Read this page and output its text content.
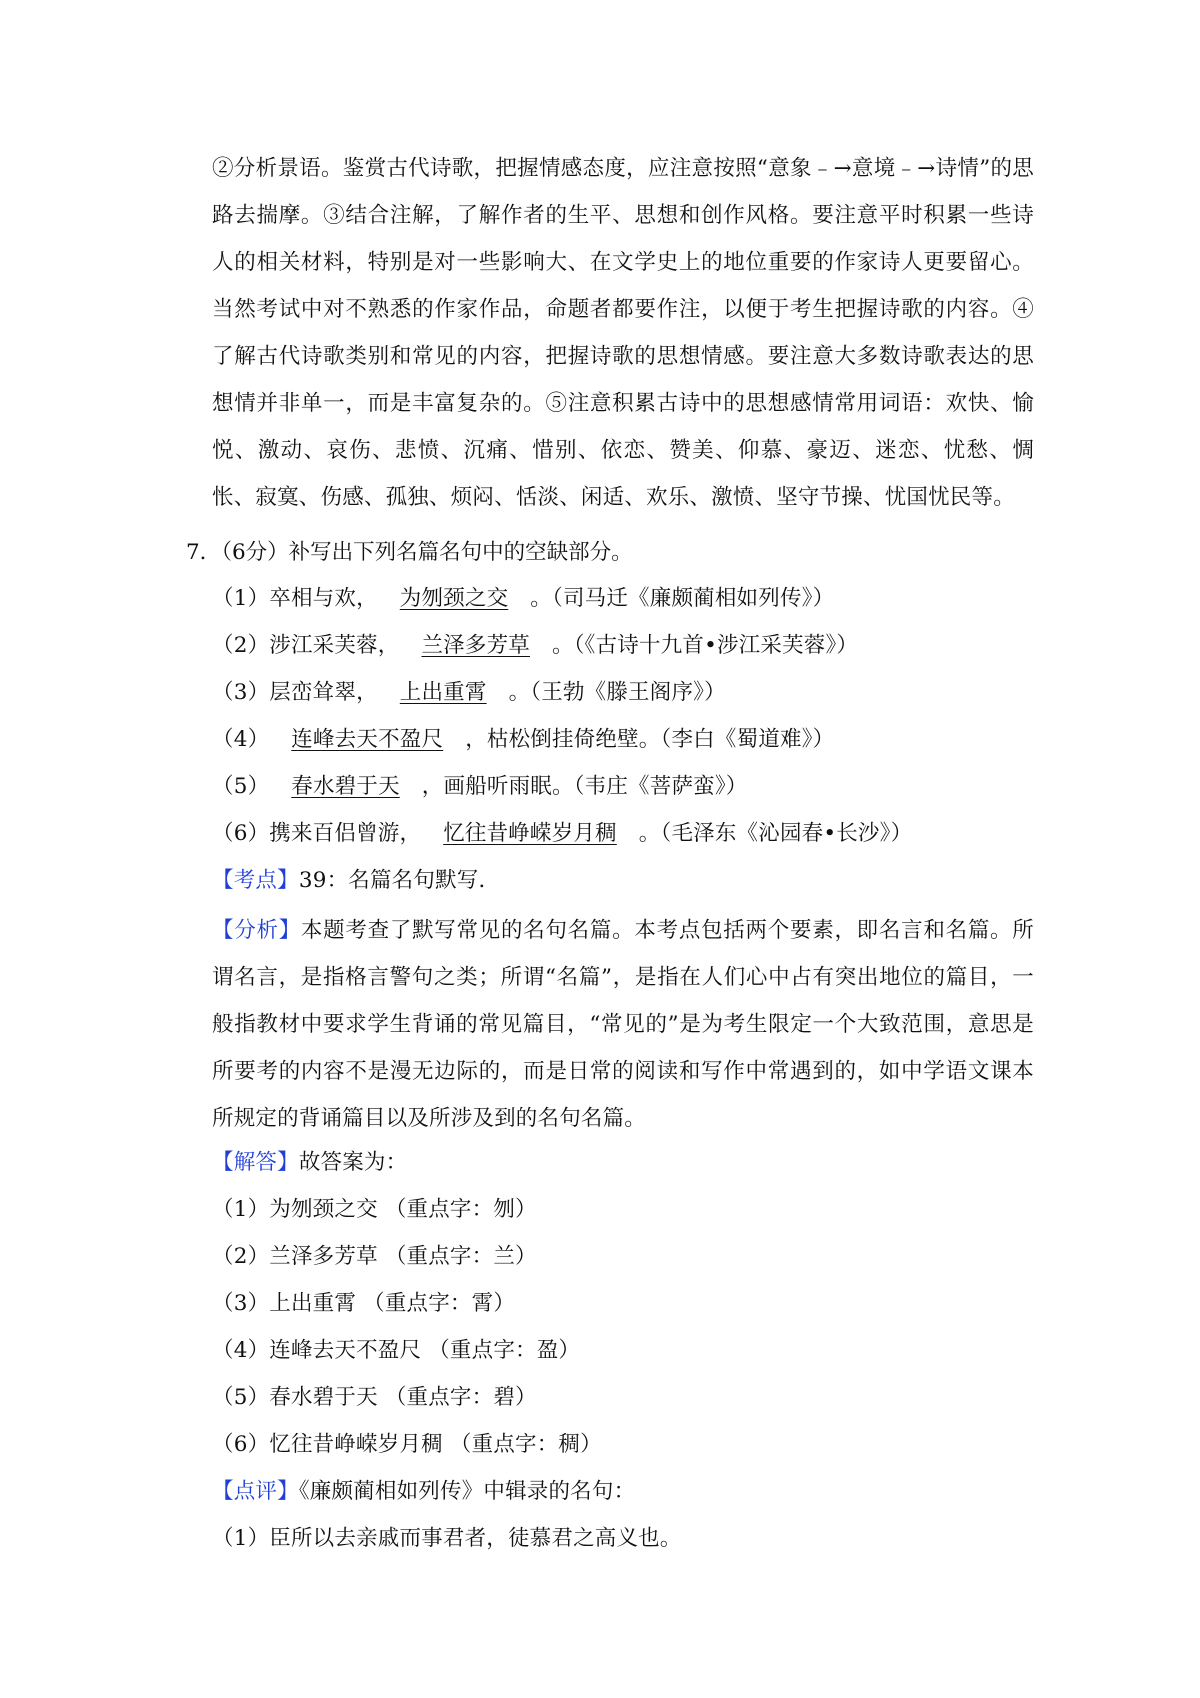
②分析景语。鉴赏古代诗歌，把握情感态度，应注意按照“意象﹣→意境﹣→诗情”的思路去揣摩。③结合注解，了解作者的生平、思想和创作风格。要注意平时积累一些诗人的相关材料，特别是对一些影响大、在文学史上的地位重要的作家诗人更要留心。当然考试中对不熟悉的作家作品，命题者都要作注，以便于考生把握诗歌的内容。④了解古代诗歌类别和常见的内容，把握诗歌的思想情感。要注意大多数诗歌表达的思想情并非单一，而是丰富复杂的。⑤注意积累古诗中的思想感情常用词语：欢快、愉悦、激动、哀伤、悲愤、沉痛、惜别、依恋、赞美、仰慕、豪迈、迷恋、忧愁、惆怅、寂寞、伤感、孤独、烦闷、恬淡、闲适、欢乐、激愤、坚守节操、忧国忧民等。

7．（6分）补写出下列名篇名句中的空缺部分。
（1）卒相与欢， 为刎颈之交 。（司马迁《廉颇蔺相如列传》）
（2）涉江采芙蓉， 兰泽多芳草 。（《古诗十九首•涉江采芙蓉》）
（3）层峦耸翠， 上出重霄 。（王勃《滕王阁序》）
（4） 连峰去天不盈尺 ，枯松倒挂倚绝壁。（李白《蜀道难》）
（5） 春水碧于天 ，画船听雨眠。（韦庄《菩萨蛮》）
（6）携来百侣曾游， 忆往昔峥嵘岁月稠 。（毛泽东《沁园春•长沙》）
【考点】39：名篇名句默写．

【分析】本题考查了默写常见的名句名篇。本考点包括两个要素，即名言和名篇。所谓名言，是指格言警句之类；所谓“名篇”，是指在人们心中占有突出地位的篇目，一般指教材中要求学生背诵的常见篇目，“常见的”是为考生限定一个大致范围，意思是所要考的内容不是漫无边际的，而是日常的阅读和写作中常遇到的，如中学语文课本所规定的背诵篇目以及所涉及到的名句名篇。

【解答】故答案为：
（1）为刎颈之交 （重点字：刎）
（2）兰泽多芳草 （重点字：兰）
（3）上出重霄 （重点字：霄）
（4）连峰去天不盈尺 （重点字：盈）
（5）春水碧于天 （重点字：碧）
（6）忆往昔峥嵘岁月稠 （重点字：稠）
【点评】《廉颇蔺相如列传》中辑录的名句：
（1）臣所以去亲戚而事君者，徒慕君之高义也。
